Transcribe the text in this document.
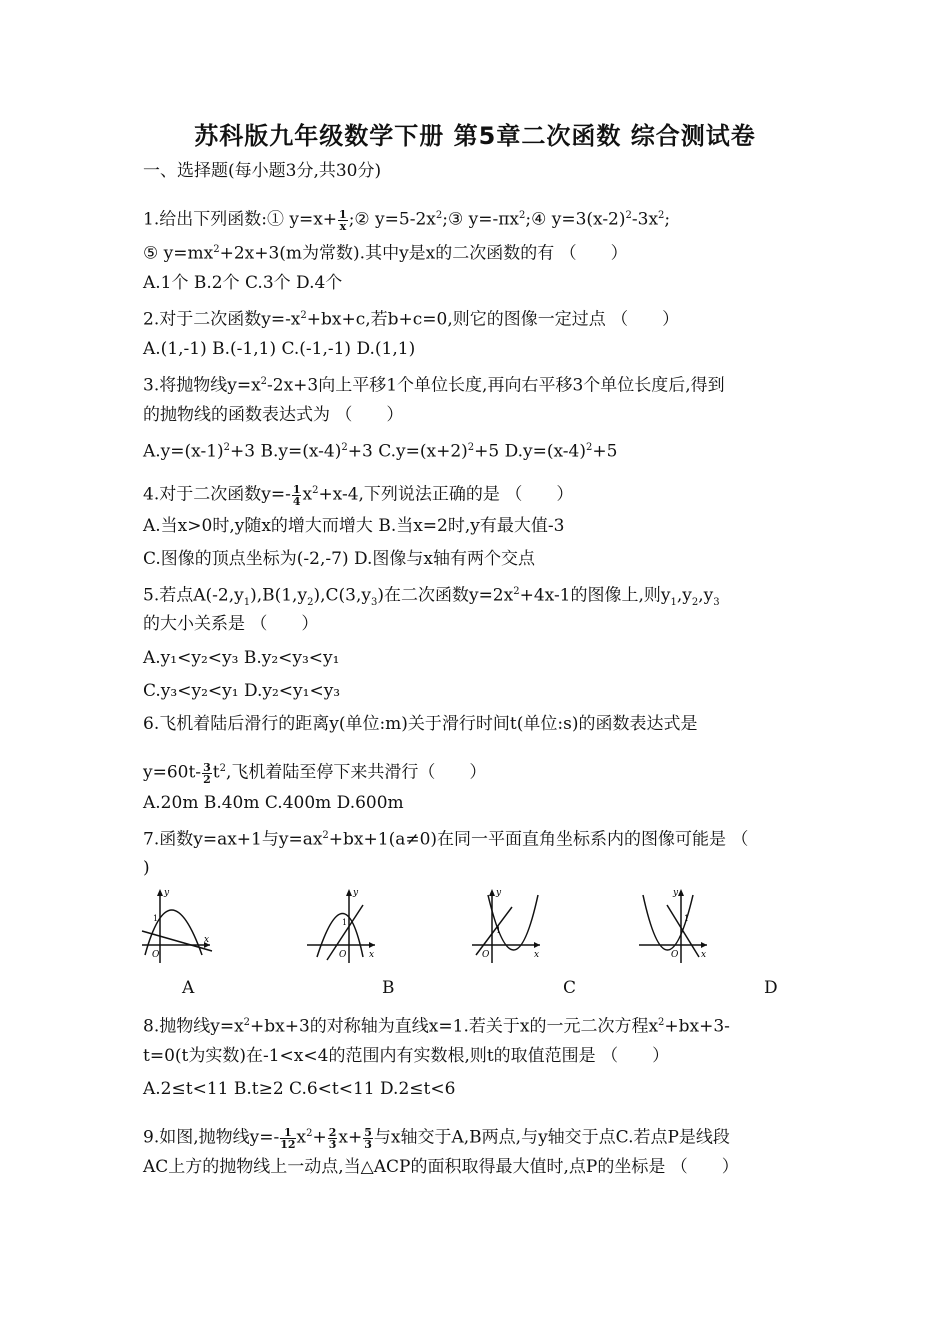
苏科版九年级数学下册 第5章二次函数 综合测试卷
一、选择题(每小题3分,共30分)
1.给出下列函数:① $y=x+ \frac{1}{x}$ ;② $y=5-2x^2;③$ $y=-\pi x^2;④$ $y=3(x-2)^2-3x^2$;
⑤ $y=mx^2+2x+3(m$为常数).其中y是x的二次函数的有 （　　）
A.1个 B.2个 C.3个 D.4个
2.对于二次函数$y=-x^2+bx+c$,若b+c=0,则它的图像一定过点 （　　）
A.(1,-1) B.(-1,1) C.(-1,-1) D.(1,1)
3.将抛物线$y=x^2-2x+3$向上平移1个单位长度,再向右平移3个单位长度后,得到
的抛物线的函数表达式为 （　　）
$A.y=(x-1)^2+3$ $B.y=(x-4)^2+3$ $C.y=(x+2)^2+5$ $D.y=(x-4)^2+5$
4.对于二次函数$y=- \frac{1}{4} x^2+x-4$,下列说法正确的是 （　　）
A.当x>0时,y随x的增大而增大 B.当x=2时,y有最大值-3
C.图像的顶点坐标为(-2,-7) D.图像与x轴有两个交点
5.若点$A(-2,y_1),B(1,y_2),C(3,y_3)$在二次函数$y=2x^2+4x-1$的图像上,则$y_1,y_2,y_3$
的大小关系是 （　　）
A.y₁<y₂<y₃ B.y₂<y₃<y₁
C.y₃<y₂<y₁ D.y₂<y₁<y₃
6.飞机着陆后滑行的距离y(单位:m)关于滑行时间t(单位:s)的函数表达式是
$y=60t- \frac{3}{2} t^2$,飞机着陆至停下来共滑行（　　）
A.20m B.40m C.400m D.600m
7.函数y=ax+1与$y=ax^2+bx+1(a\ne 0)$在同一平面直角坐标系内的图像可能是 （
)
y
x
O
1
y
x
O
1
y
x
O
1
y
x
O
1
A	B	C	D
8.抛物线$y=x^2+bx+3$的对称轴为直线x=1.若关于x的一元二次方程$x^2+bx+3-$
t=0(t为实数)在-1<x<4的范围内有实数根,则t的取值范围是 （　　）
A.2≤t<11 B.t≥2 C.6<t<11 D.2≤t<6
9.如图,抛物线$y=- \frac{1}{12} x^2+ \frac{2}{3} x+ \frac{5}{3}$ 与x轴交于A,B两点,与y轴交于点C.若点P是线段
AC上方的抛物线上一动点,当△ACP的面积取得最大值时,点P的坐标是 （　　）
